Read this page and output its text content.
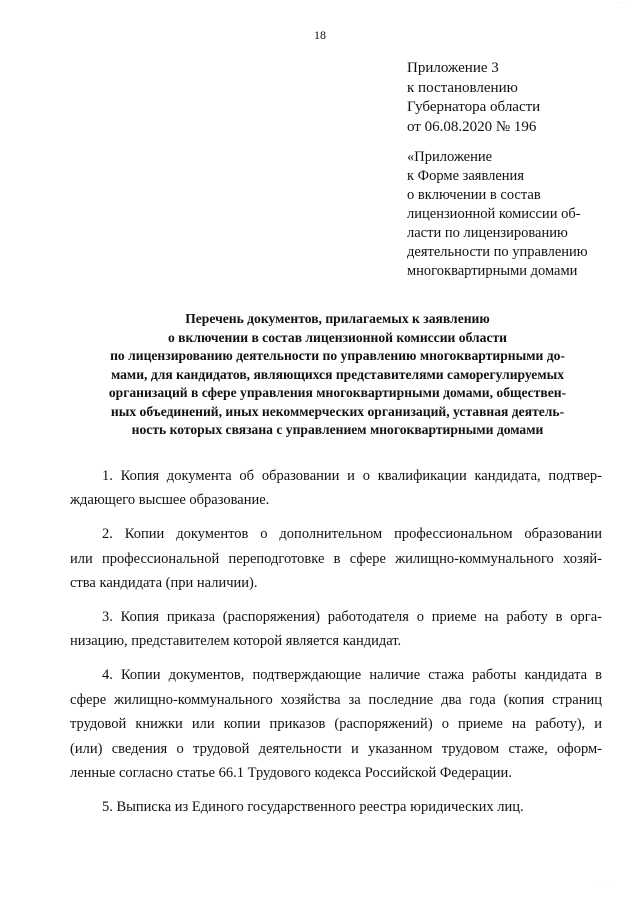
· · ·
18
Приложение 3
к постановлению
Губернатора области
от 06.08.2020 № 196
«Приложение
к Форме заявления
о включении в состав
лицензионной комиссии об-
ласти по лицензированию
деятельности по управлению
многоквартирными домами
Перечень документов, прилагаемых к заявлению
о включении в состав лицензионной комиссии области
по лицензированию деятельности по управлению многоквартирными до-
мами, для кандидатов, являющихся представителями саморегулируемых
организаций в сфере управления многоквартирными домами, обществен-
ных объединений, иных некоммерческих организаций, уставная деятель-
ность которых связана с управлением многоквартирными домами
1. Копия документа об образовании и о квалификации кандидата, подтвер-
ждающего высшее образование.
2. Копии документов о дополнительном профессиональном образовании
или профессиональной переподготовке в сфере жилищно-коммунального хозяй-
ства кандидата (при наличии).
3. Копия приказа (распоряжения) работодателя о приеме на работу в орга-
низацию, представителем которой является кандидат.
4. Копии документов, подтверждающие наличие стажа работы кандидата в
сфере жилищно-коммунального хозяйства за последние два года (копия страниц
трудовой книжки или копии приказов (распоряжений) о приеме на работу), и
(или) сведения о трудовой деятельности и указанном трудовом стаже, оформ-
ленные согласно статье 66.1 Трудового кодекса Российской Федерации.
5. Выписка из Единого государственного реестра юридических лиц.
· · ·
